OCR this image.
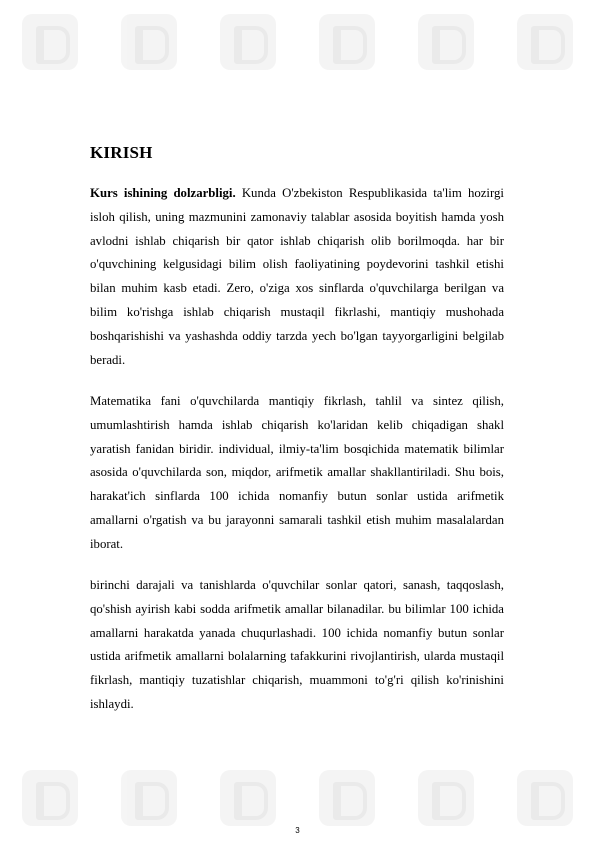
KIRISH

Kurs ishining dolzarbligi. Kunda O'zbekiston Respublikasida ta'lim hozirgi isloh qilish, uning mazmunini zamonaviy talablar asosida boyitish hamda yosh avlodni ishlab chiqarish bir qator ishlab chiqarish olib borilmoqda. har bir o'quvchining kelgusidagi bilim olish faoliyatining poydevorini tashkil etishi bilan muhim kasb etadi. Zero, o'ziga xos sinflarda o'quvchilarga berilgan va bilim ko'rishga ishlab chiqarish mustaqil fikrlashi, mantiqiy mushohada boshqarishishi va yashashda oddiy tarzda yech bo'lgan tayyorgarligini belgilab beradi.

Matematika fani o'quvchilarda mantiqiy fikrlash, tahlil va sintez qilish, umumlashtirish hamda ishlab chiqarish ko'laridan kelib chiqadigan shakl yaratish fanidan biridir. individual, ilmiy-ta'lim bosqichida matematik bilimlar asosida o'quvchilarda son, miqdor, arifmetik amallar shakllantiriladi. Shu bois, harakat'ich sinflarda 100 ichida nomanfiy butun sonlar ustida arifmetik amallarni o'rgatish va bu jarayonni samarali tashkil etish muhim masalalardan iborat.

birinchi darajali va tanishlarda o'quvchilar sonlar qatori, sanash, taqqoslash, qo'shish ayirish kabi sodda arifmetik amallar bilanadilar. bu bilimlar 100 ichida amallarni harakatda yanada chuqurlashadi. 100 ichida nomanfiy butun sonlar ustida arifmetik amallarni bolalarning tafakkurini rivojlantirish, ularda mustaqil fikrlash, mantiqiy tuzatishlar chiqarish, muammoni to'g'ri qilish ko'rinishini ishlaydi.

3
